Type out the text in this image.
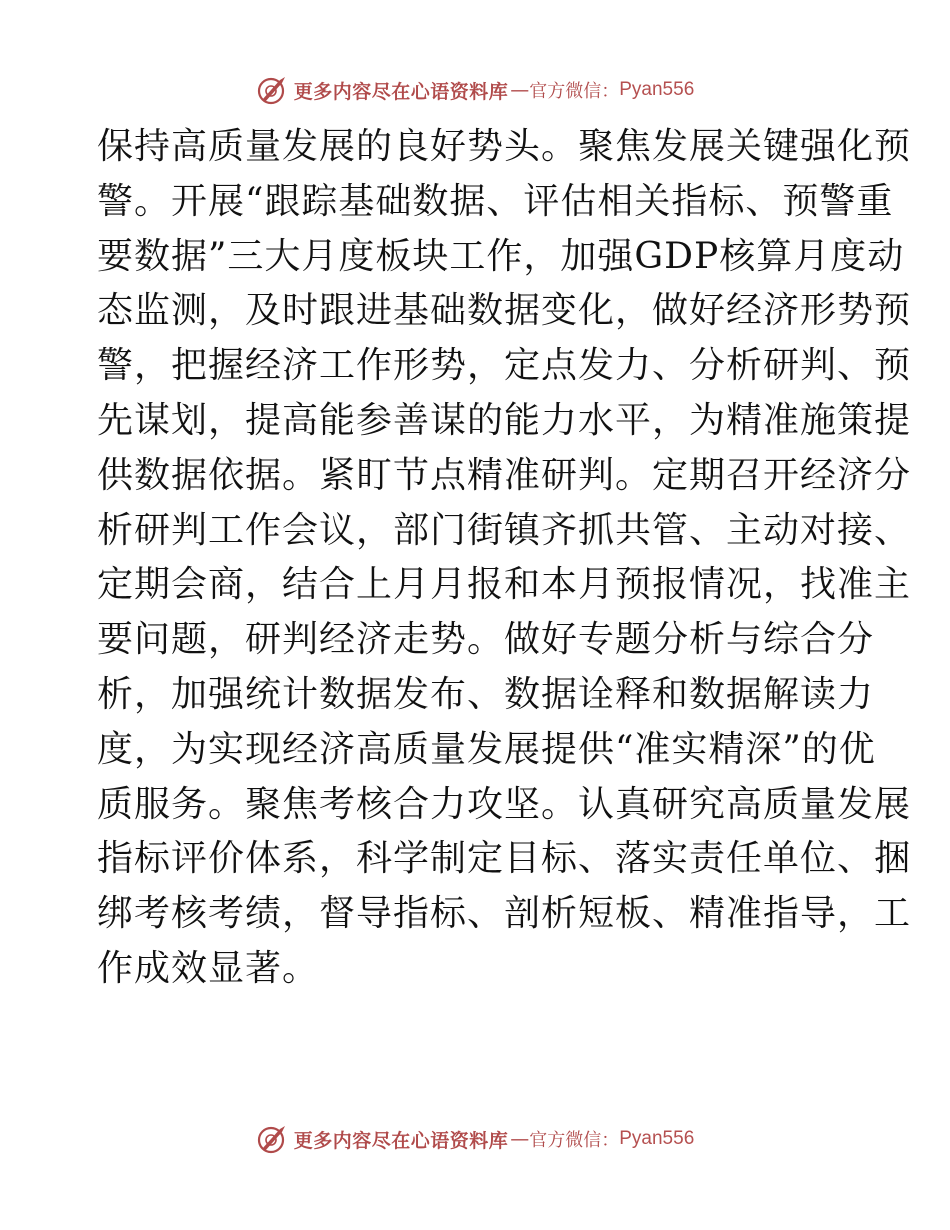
更多内容尽在心语资料库 — 官方微信： Pyan556
保持高质量发展的良好势头。聚焦发展关键强化预
警。开展“跟踪基础数据、评估相关指标、预警重
要数据”三大月度板块工作，加强GDP核算月度动
态监测，及时跟进基础数据变化，做好经济形势预
警，把握经济工作形势，定点发力、分析研判、预
先谋划，提高能参善谋的能力水平，为精准施策提
供数据依据。紧盯节点精准研判。定期召开经济分
析研判工作会议，部门街镇齐抓共管、主动对接、
定期会商，结合上月月报和本月预报情况，找准主
要问题，研判经济走势。做好专题分析与综合分
析，加强统计数据发布、数据诠释和数据解读力
度，为实现经济高质量发展提供“准实精深”的优
质服务。聚焦考核合力攻坚。认真研究高质量发展
指标评价体系，科学制定目标、落实责任单位、捆
绑考核考绩，督导指标、剖析短板、精准指导，工
作成效显著。
更多内容尽在心语资料库 — 官方微信： Pyan556
